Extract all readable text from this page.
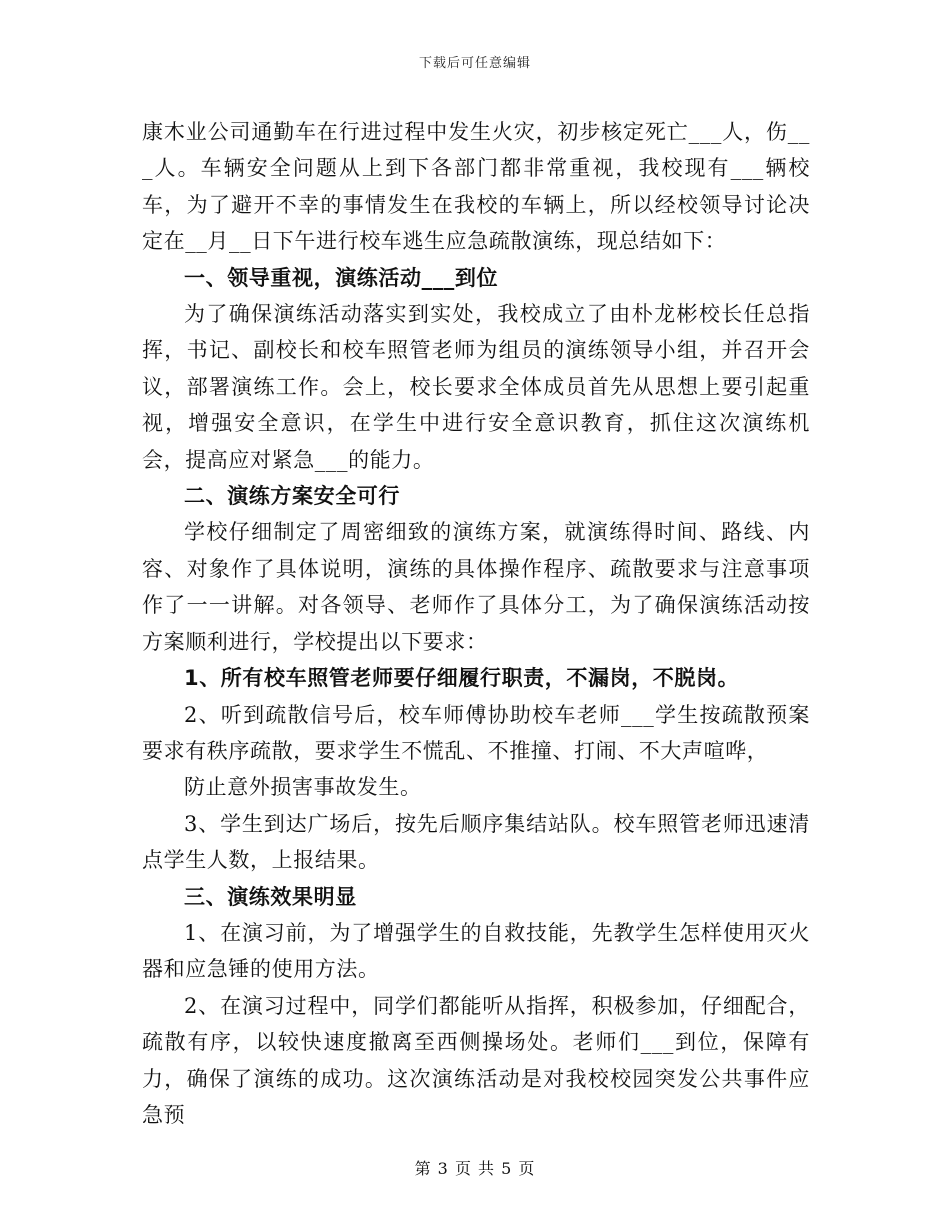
下载后可任意编辑

康木业公司通勤车在行进过程中发生火灾，初步核定死亡___人，伤___人。车辆安全问题从上到下各部门都非常重视，我校现有___辆校车，为了避开不幸的事情发生在我校的车辆上，所以经校领导讨论决定在__月__日下午进行校车逃生应急疏散演练，现总结如下：

一、领导重视，演练活动___到位

为了确保演练活动落实到实处，我校成立了由朴龙彬校长任总指挥，书记、副校长和校车照管老师为组员的演练领导小组，并召开会议，部署演练工作。会上，校长要求全体成员首先从思想上要引起重视，增强安全意识，在学生中进行安全意识教育，抓住这次演练机会，提高应对紧急___的能力。

二、演练方案安全可行

学校仔细制定了周密细致的演练方案，就演练得时间、路线、内容、对象作了具体说明，演练的具体操作程序、疏散要求与注意事项作了一一讲解。对各领导、老师作了具体分工，为了确保演练活动按方案顺利进行，学校提出以下要求：

1、所有校车照管老师要仔细履行职责，不漏岗，不脱岗。

2、听到疏散信号后，校车师傅协助校车老师___学生按疏散预案要求有秩序疏散，要求学生不慌乱、不推撞、打闹、不大声喧哗，

防止意外损害事故发生。

3、学生到达广场后，按先后顺序集结站队。校车照管老师迅速清点学生人数，上报结果。

三、演练效果明显

1、在演习前，为了增强学生的自救技能，先教学生怎样使用灭火器和应急锤的使用方法。

2、在演习过程中，同学们都能听从指挥，积极参加，仔细配合，疏散有序，以较快速度撤离至西侧操场处。老师们___到位，保障有力，确保了演练的成功。这次演练活动是对我校校园突发公共事件应急预

第 3 页 共 5 页
